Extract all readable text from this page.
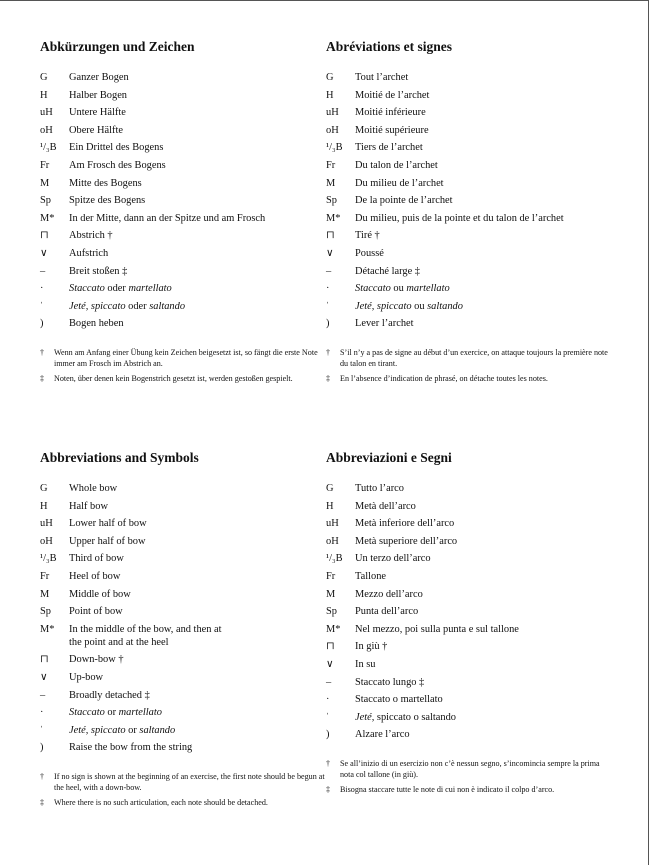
Abkürzungen und Zeichen
G	Ganzer Bogen
H	Halber Bogen
uH	Untere Hälfte
oH	Obere Hälfte
¹/₃B	Ein Drittel des Bogens
Fr	Am Frosch des Bogens
M	Mitte des Bogens
Sp	Spitze des Bogens
M*	In der Mitte, dann an der Spitze und am Frosch
⊓	Abstrich †
∨	Aufstrich
–	Breit stoßen ‡
·	Staccato oder martellato
ˈ	Jeté, spiccato oder saltando
)	Bogen heben
†	Wenn am Anfang einer Übung kein Zeichen beigesetzt ist, so fängt die erste Note immer am Frosch im Abstrich an.
‡	Noten, über denen kein Bogenstrich gesetzt ist, werden gestoßen gespielt.
Abréviations et signes
G	Tout l’archet
H	Moitié de l’archet
uH	Moitié inférieure
oH	Moitié supérieure
¹/₃B	Tiers de l’archet
Fr	Du talon de l’archet
M	Du milieu de l’archet
Sp	De la pointe de l’archet
M*	Du milieu, puis de la pointe et du talon de l’archet
⊓	Tiré †
∨	Poussé
–	Détaché large ‡
·	Staccato ou martellato
ˈ	Jeté, spiccato ou saltando
)	Lever l’archet
†	S’il n’y a pas de signe au début d’un exercice, on attaque toujours la première note du talon en tirant.
‡	En l’absence d’indication de phrasé, on détache toutes les notes.
Abbreviations and Symbols
G	Whole bow
H	Half bow
uH	Lower half of bow
oH	Upper half of bow
¹/₃B	Third of bow
Fr	Heel of bow
M	Middle of bow
Sp	Point of bow
M*	In the middle of the bow, and then at
the point and at the heel
⊓	Down-bow †
∨	Up-bow
–	Broadly detached ‡
·	Staccato or martellato
ˈ	Jeté, spiccato or saltando
)	Raise the bow from the string
†	If no sign is shown at the beginning of an exercise, the first note should be begun at the heel, with a down-bow.
‡	Where there is no such articulation, each note should be detached.
Abbreviazioni e Segni
G	Tutto l’arco
H	Metà dell’arco
uH	Metà inferiore dell’arco
oH	Metà superiore dell’arco
¹/₃B	Un terzo dell’arco
Fr	Tallone
M	Mezzo dell’arco
Sp	Punta dell’arco
M*	Nel mezzo, poi sulla punta e sul tallone
⊓	In giù †
∨	In su
–	Staccato lungo ‡
·	Staccato o martellato
ˈ	Jeté, spiccato o saltando
)	Alzare l’arco
†	Se all’inizio di un esercizio non c’è nessun segno, s’incomincia sempre la prima nota col tallone (in giù).
‡	Bisogna staccare tutte le note di cui non è indicato il colpo d’arco.
